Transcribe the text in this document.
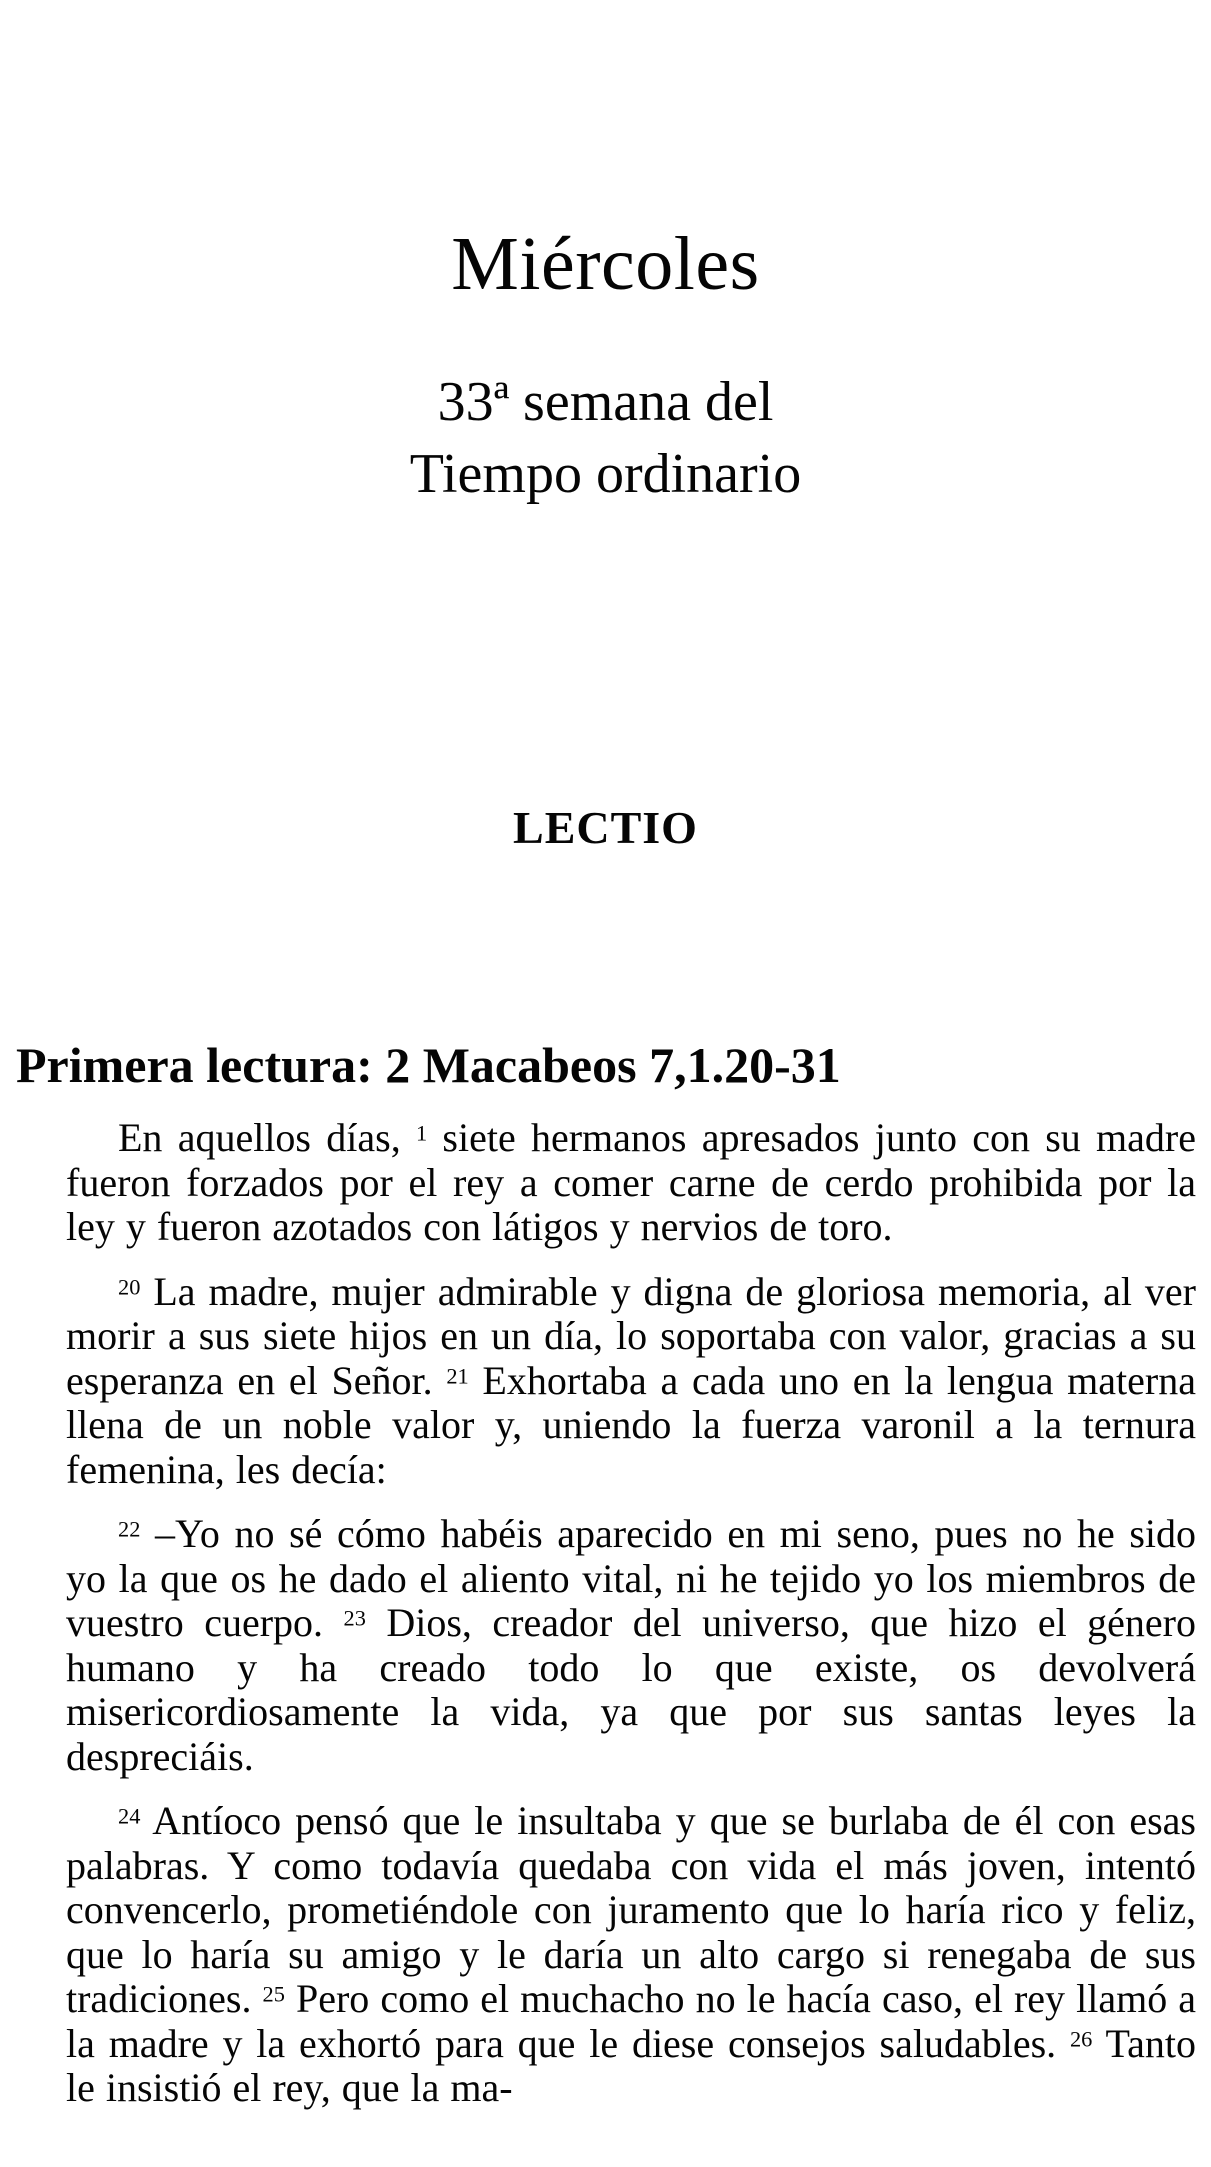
Miércoles
33ª semana del
Tiempo ordinario
LECTIO
Primera lectura: 2 Macabeos 7,1.20-31

En aquellos días, $^1$ siete hermanos apresados junto con su madre fueron forzados por el rey a comer carne de cerdo prohibida por la ley y fueron azotados con látigos y nervios de toro.

$^{20}$ La madre, mujer admirable y digna de gloriosa memoria, al ver morir a sus siete hijos en un día, lo soportaba con valor, gracias a su esperanza en el Señor. $^{21}$ Exhortaba a cada uno en la lengua materna llena de un noble valor y, uniendo la fuerza varonil a la ternura femenina, les decía:

$^{22}$ –Yo no sé cómo habéis aparecido en mi seno, pues no he sido yo la que os he dado el aliento vital, ni he tejido yo los miembros de vuestro cuerpo. $^{23}$ Dios, creador del universo, que hizo el género humano y ha creado todo lo que existe, os devolverá misericordiosamente la vida, ya que por sus santas leyes la despreciáis.

$^{24}$ Antíoco pensó que le insultaba y que se burlaba de él con esas palabras. Y como todavía quedaba con vida el más joven, intentó convencerlo, prometiéndole con juramento que lo haría rico y feliz, que lo haría su amigo y le daría un alto cargo si renegaba de sus tradiciones. $^{25}$ Pero como el muchacho no le hacía caso, el rey llamó a la madre y la exhortó para que le diese consejos saludables. $^{26}$ Tanto le insistió el rey, que la ma-
